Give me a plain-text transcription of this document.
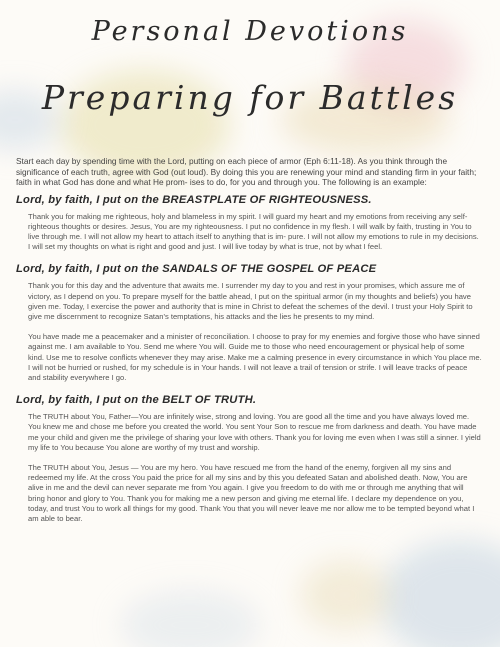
Personal Devotions
Preparing for Battles

Start each day by spending time with the Lord, putting on each piece of armor (Eph 6:11-18). As you think through the significance of each truth, agree with God (out loud). By doing this you are renewing your mind and standing firm in your faith; faith in what God has done and what He prom- ises to do, for you and through you. The following is an example:

Lord, by faith, I put on the BREASTPLATE OF RIGHTEOUSNESS.

Thank you for making me righteous, holy and blameless in my spirit. I will guard my heart and my emotions from receiving any self-righteous thoughts or desires. Jesus, You are my righteousness. I put no confidence in my flesh. I will walk by faith, trusting in You to live through me. I will not allow my heart to attach itself to anything that is im- pure. I will not allow my emotions to rule in my decisions. I will set my thoughts on what is right and good and just. I will live today by what is true, not by what I feel.

Lord, by faith, I put on the SANDALS OF THE GOSPEL OF PEACE

Thank you for this day and the adventure that awaits me. I surrender my day to you and rest in your promises, which assure me of victory, as I depend on you. To prepare myself for the battle ahead, I put on the spiritual armor (in my thoughts and beliefs) you have given me. Today, I exercise the power and authority that is mine in Christ to defeat the schemes of the devil. I trust your Holy Spirit to give me discernment to recognize Satan's temptations, his attacks and the lies he presents to my mind.

You have made me a peacemaker and a minister of reconciliation. I choose to pray for my enemies and forgive those who have sinned against me. I am available to You. Send me where You will. Guide me to those who need encouragement or physical help of some kind. Use me to resolve conflicts whenever they may arise. Make me a calming presence in every circumstance in which You place me. I will not be hurried or rushed, for my schedule is in Your hands. I will not leave a trail of tension or strife. I will leave tracks of peace and stability everywhere I go.

Lord, by faith, I put on the BELT OF TRUTH.

The TRUTH about You, Father—You are infinitely wise, strong and loving. You are good all the time and you have always loved me. You knew me and chose me before you created the world. You sent Your Son to rescue me from darkness and death. You have made me your child and given me the privilege of sharing your love with others. Thank you for loving me even when I was still a sinner. I yield my life to You because You alone are worthy of my trust and worship.

The TRUTH about You, Jesus — You are my hero. You have rescued me from the hand of the enemy, forgiven all my sins and redeemed my life. At the cross You paid the price for all my sins and by this you defeated Satan and abolished death. Now, You are alive in me and the devil can never separate me from You again. I give you freedom to do with me or through me anything that will bring honor and glory to You. Thank you for making me a new person and giving me eternal life. I declare my dependence on you, today, and trust You to work all things for my good. Thank You that you will never leave me nor allow me to be tempted beyond what I am able to bear.
